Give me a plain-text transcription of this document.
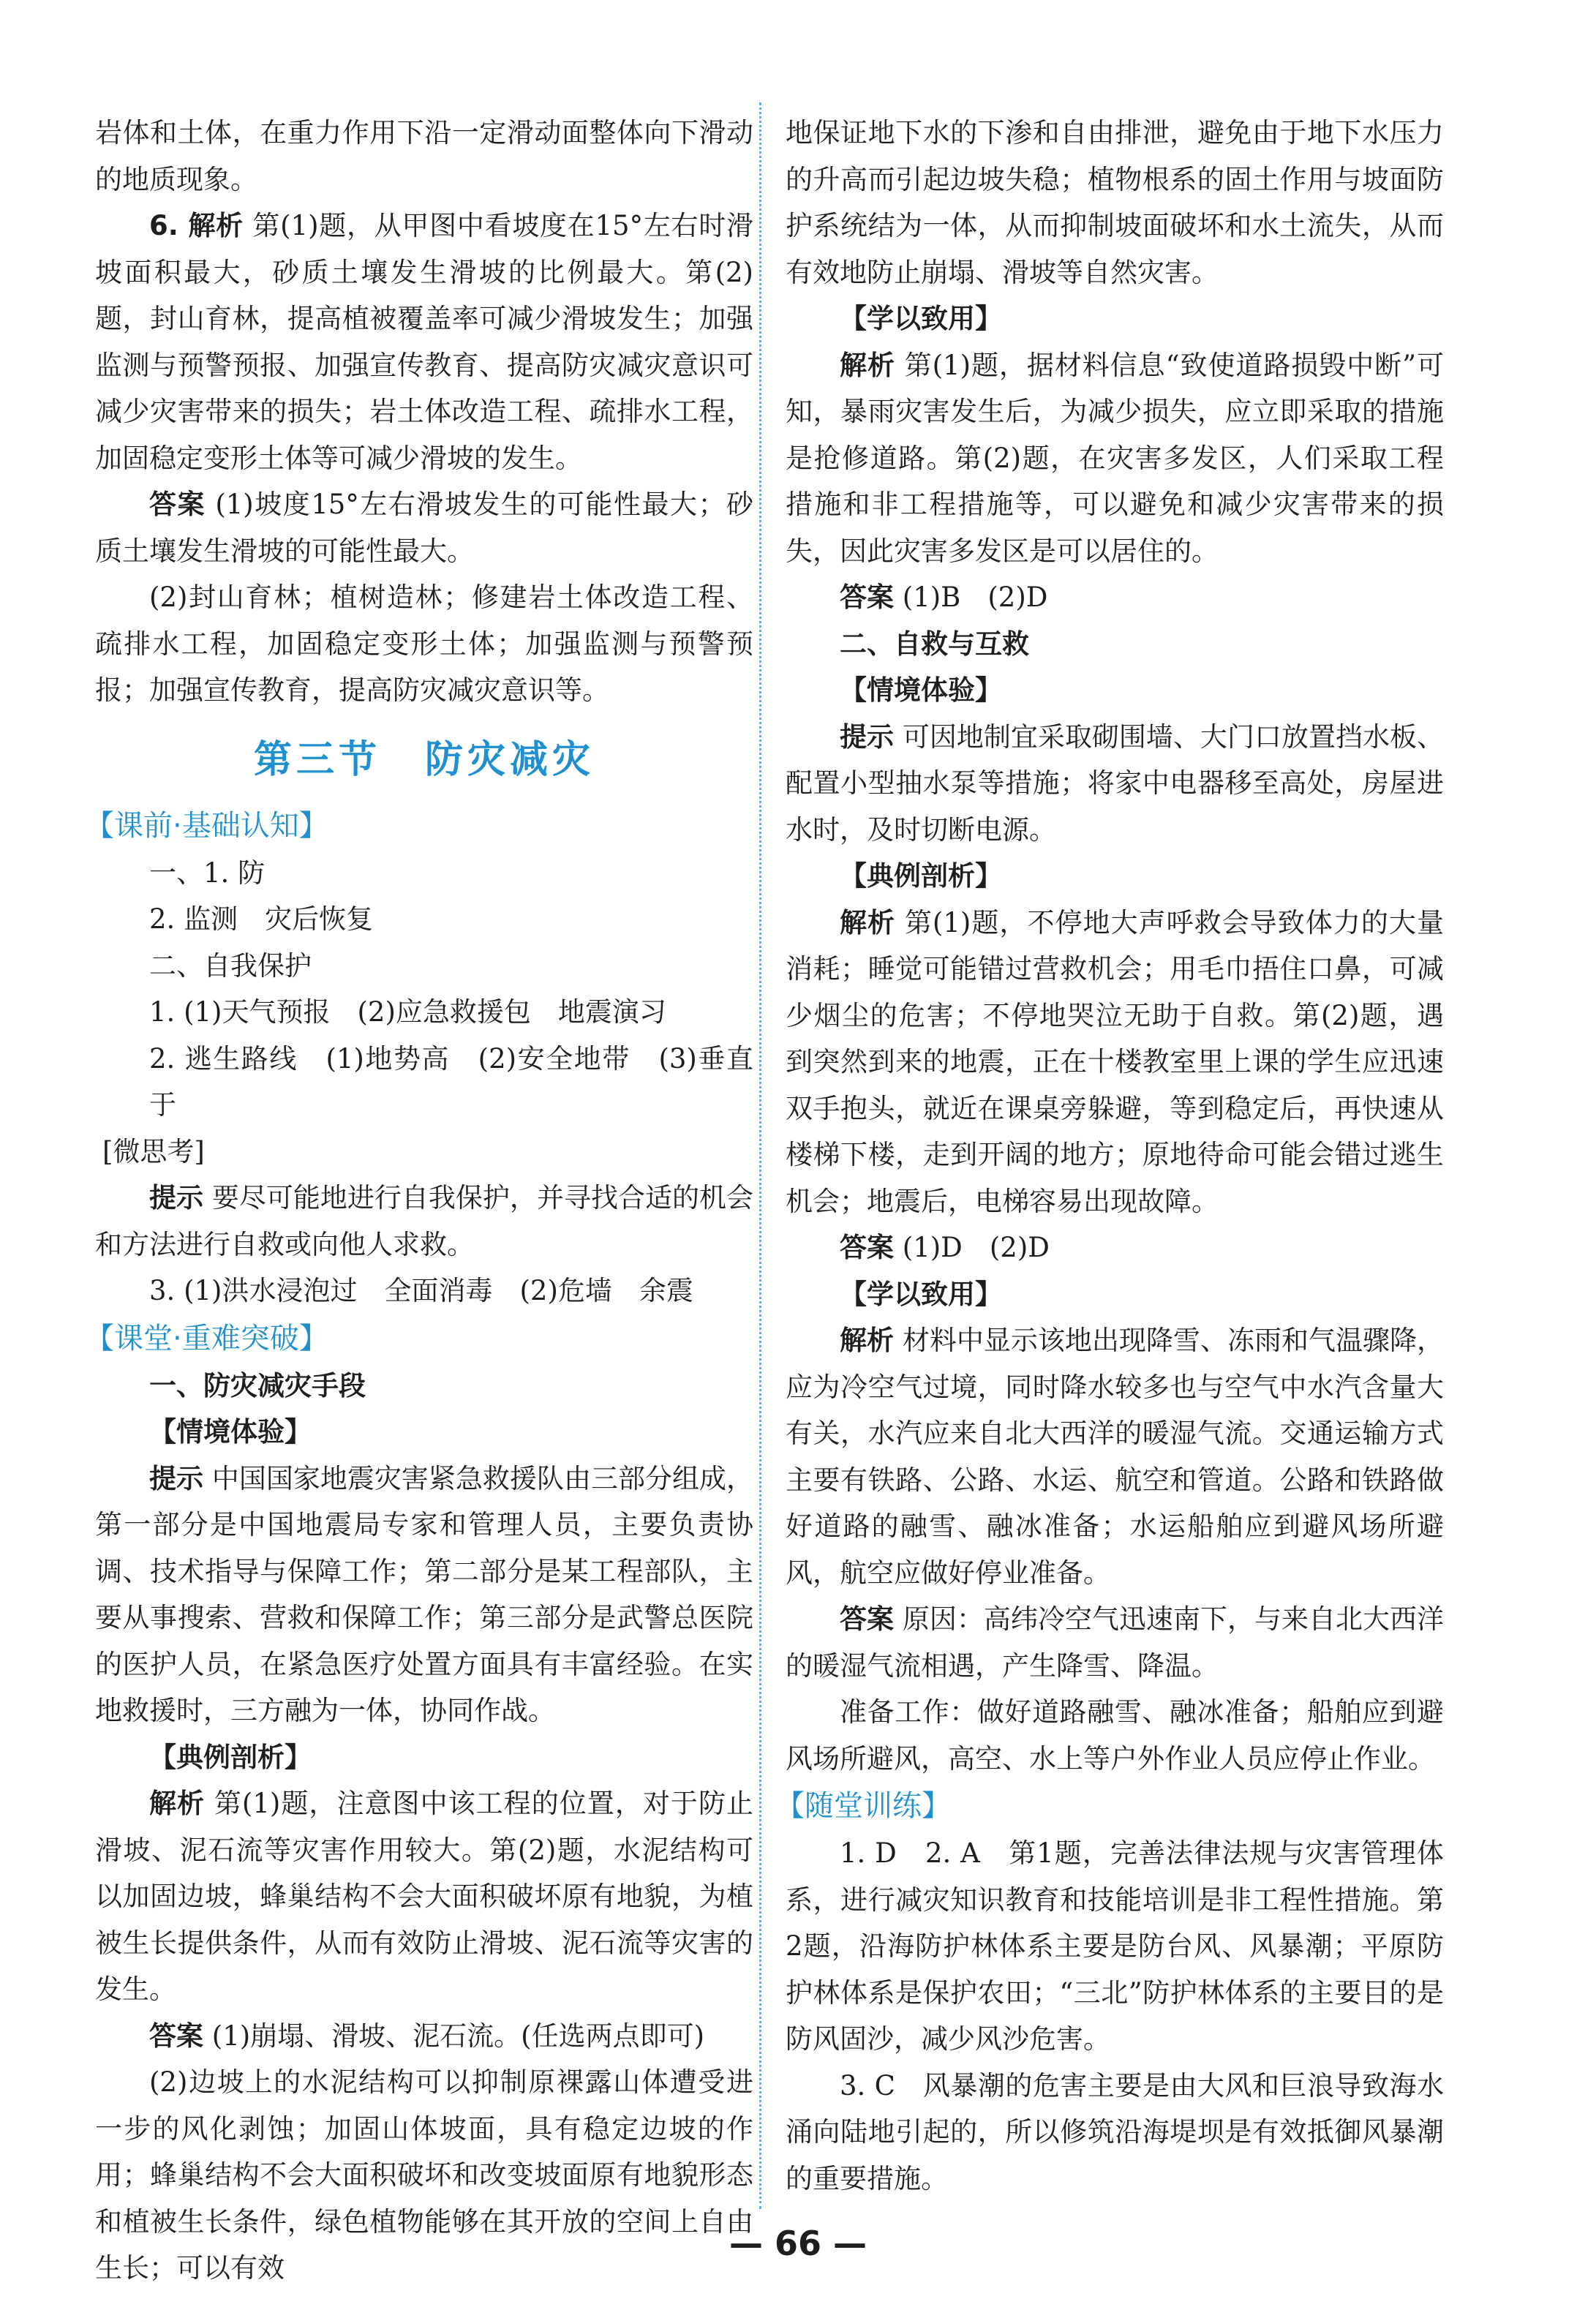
岩体和土体，在重力作用下沿一定滑动面整体向下滑动的地质现象。

6. 解析 第(1)题，从甲图中看坡度在15°左右时滑坡面积最大，砂质土壤发生滑坡的比例最大。第(2)题，封山育林，提高植被覆盖率可减少滑坡发生；加强监测与预警预报、加强宣传教育、提高防灾减灾意识可减少灾害带来的损失；岩土体改造工程、疏排水工程，加固稳定变形土体等可减少滑坡的发生。

答案 (1)坡度15°左右滑坡发生的可能性最大；砂质土壤发生滑坡的可能性最大。

(2)封山育林；植树造林；修建岩土体改造工程、疏排水工程，加固稳定变形土体；加强监测与预警预报；加强宣传教育，提高防灾减灾意识等。

第三节 防灾减灾

【课前·基础认知】

一、1. 防

2. 监测　灾后恢复

二、自我保护

1. (1)天气预报　(2)应急救援包　地震演习

2. 逃生路线　(1)地势高　(2)安全地带　(3)垂直于

[微思考]

提示 要尽可能地进行自我保护，并寻找合适的机会和方法进行自救或向他人求救。

3. (1)洪水浸泡过　全面消毒　(2)危墙　余震

【课堂·重难突破】

一、防灾减灾手段

【情境体验】

提示 中国国家地震灾害紧急救援队由三部分组成，第一部分是中国地震局专家和管理人员，主要负责协调、技术指导与保障工作；第二部分是某工程部队，主要从事搜索、营救和保障工作；第三部分是武警总医院的医护人员，在紧急医疗处置方面具有丰富经验。在实地救援时，三方融为一体，协同作战。

【典例剖析】

解析 第(1)题，注意图中该工程的位置，对于防止滑坡、泥石流等灾害作用较大。第(2)题，水泥结构可以加固边坡，蜂巢结构不会大面积破坏原有地貌，为植被生长提供条件，从而有效防止滑坡、泥石流等灾害的发生。

答案 (1)崩塌、滑坡、泥石流。(任选两点即可)

(2)边坡上的水泥结构可以抑制原裸露山体遭受进一步的风化剥蚀；加固山体坡面，具有稳定边坡的作用；蜂巢结构不会大面积破坏和改变坡面原有地貌形态和植被生长条件，绿色植物能够在其开放的空间上自由生长；可以有效

地保证地下水的下渗和自由排泄，避免由于地下水压力的升高而引起边坡失稳；植物根系的固土作用与坡面防护系统结为一体，从而抑制坡面破坏和水土流失，从而有效地防止崩塌、滑坡等自然灾害。

【学以致用】

解析 第(1)题，据材料信息“致使道路损毁中断”可知，暴雨灾害发生后，为减少损失，应立即采取的措施是抢修道路。第(2)题，在灾害多发区，人们采取工程措施和非工程措施等，可以避免和减少灾害带来的损失，因此灾害多发区是可以居住的。

答案 (1)B　(2)D

二、自救与互救

【情境体验】

提示 可因地制宜采取砌围墙、大门口放置挡水板、配置小型抽水泵等措施；将家中电器移至高处，房屋进水时，及时切断电源。

【典例剖析】

解析 第(1)题，不停地大声呼救会导致体力的大量消耗；睡觉可能错过营救机会；用毛巾捂住口鼻，可减少烟尘的危害；不停地哭泣无助于自救。第(2)题，遇到突然到来的地震，正在十楼教室里上课的学生应迅速双手抱头，就近在课桌旁躲避，等到稳定后，再快速从楼梯下楼，走到开阔的地方；原地待命可能会错过逃生机会；地震后，电梯容易出现故障。

答案 (1)D　(2)D

【学以致用】

解析 材料中显示该地出现降雪、冻雨和气温骤降，应为冷空气过境，同时降水较多也与空气中水汽含量大有关，水汽应来自北大西洋的暖湿气流。交通运输方式主要有铁路、公路、水运、航空和管道。公路和铁路做好道路的融雪、融冰准备；水运船舶应到避风场所避风，航空应做好停业准备。

答案 原因：高纬冷空气迅速南下，与来自北大西洋的暖湿气流相遇，产生降雪、降温。

准备工作：做好道路融雪、融冰准备；船舶应到避风场所避风，高空、水上等户外作业人员应停止作业。

【随堂训练】

1. D　2. A　第1题，完善法律法规与灾害管理体系，进行减灾知识教育和技能培训是非工程性措施。第2题，沿海防护林体系主要是防台风、风暴潮；平原防护林体系是保护农田；“三北”防护林体系的主要目的是防风固沙，减少风沙危害。

3. C　风暴潮的危害主要是由大风和巨浪导致海水涌向陆地引起的，所以修筑沿海堤坝是有效抵御风暴潮的重要措施。

— 66 —
